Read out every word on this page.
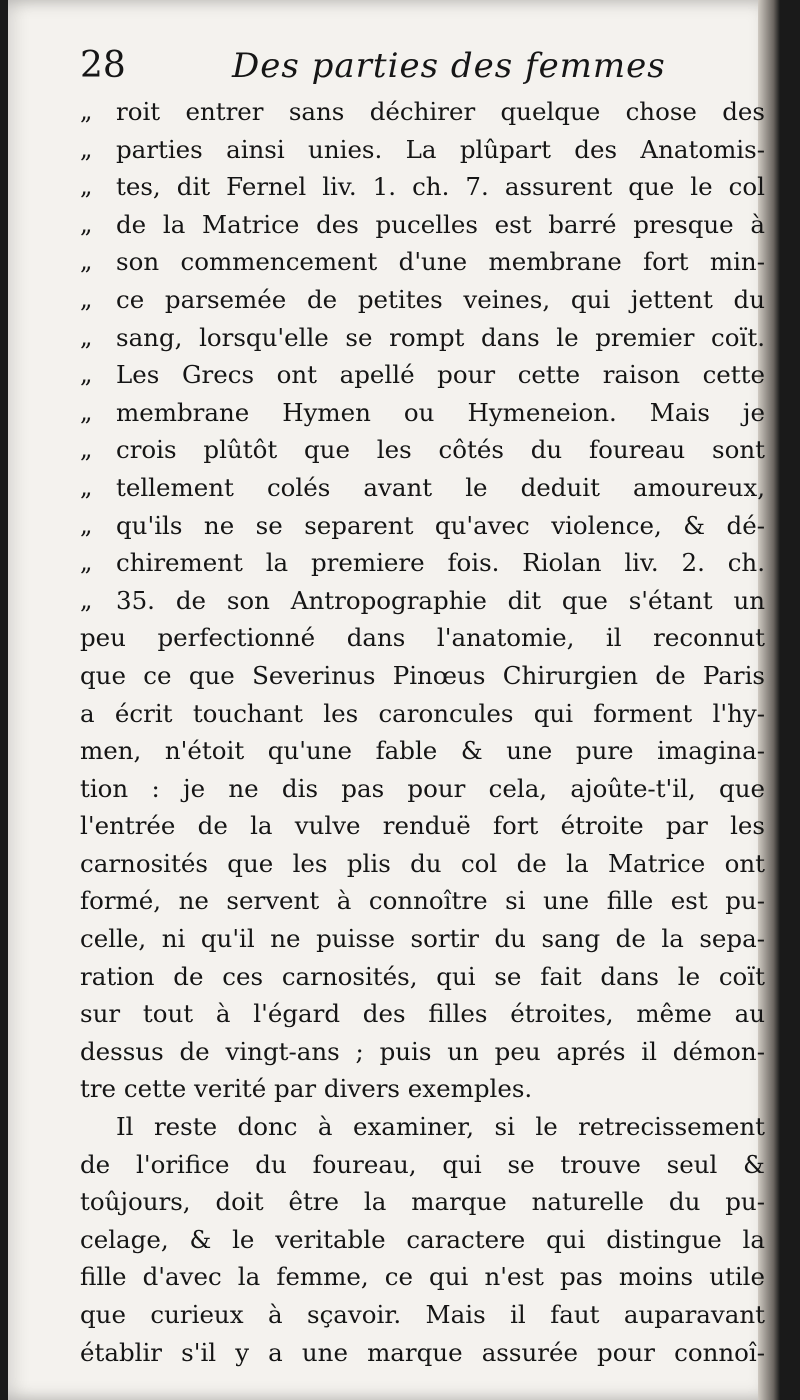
28	Des parties des femmes
„ roit entrer sans déchirer quelque chose des
„ parties ainsi unies. La plûpart des Anatomis-
„ tes, dit Fernel liv. 1. ch. 7. assurent que le col
„ de la Matrice des pucelles est barré presque à
„ son commencement d'une membrane fort min-
„ ce parsemée de petites veines, qui jettent du
„ sang, lorsqu'elle se rompt dans le premier coït.
„ Les Grecs ont apellé pour cette raison cette
„ membrane Hymen ou Hymeneion. Mais je
„ crois plûtôt que les côtés du foureau sont
„ tellement colés avant le deduit amoureux,
„ qu'ils ne se separent qu'avec violence, & dé-
„ chirement la premiere fois. Riolan liv. 2. ch.
„ 35. de son Antropographie dit que s'étant un
peu perfectionné dans l'anatomie, il reconnut
que ce que Severinus Pinœus Chirurgien de Paris
a écrit touchant les caroncules qui forment l'hy-
men, n'étoit qu'une fable & une pure imagina-
tion : je ne dis pas pour cela, ajoûte-t'il, que
l'entrée de la vulve renduë fort étroite par les
carnosités que les plis du col de la Matrice ont
formé, ne servent à connoître si une fille est pu-
celle, ni qu'il ne puisse sortir du sang de la sepa-
ration de ces carnosités, qui se fait dans le coït
sur tout à l'égard des filles étroites, même au
dessus de vingt-ans ; puis un peu aprés il démon-
tre cette verité par divers exemples.
Il reste donc à examiner, si le retrecissement
de l'orifice du foureau, qui se trouve seul &
toûjours, doit être la marque naturelle du pu-
celage, & le veritable caractere qui distingue la
fille d'avec la femme, ce qui n'est pas moins utile
que curieux à sçavoir. Mais il faut auparavant
établir s'il y a une marque assurée pour connoî-
